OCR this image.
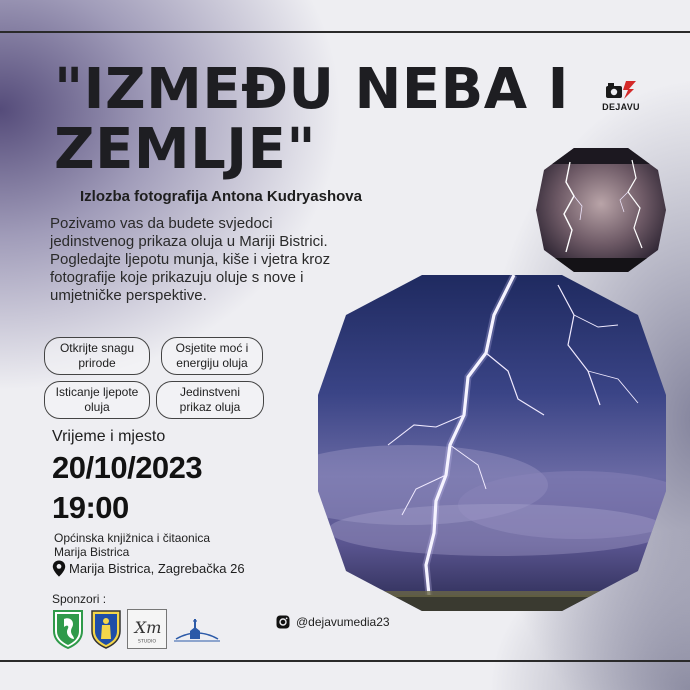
"IZMEĐU NEBA I
ZEMLJE"
DEJAVU
Izlozba fotografija Antona Kudryashova

Pozivamo vas da budete svjedoci
jedinstvenog prikaza oluja u Mariji Bistrici.
Pogledajte ljepotu munja, kiše i vjetra kroz
fotografije koje prikazuju oluje s nove i
umjetničke perspektive.

Otkrijte snagu prirode
Osjetite moć i energiju oluja
Isticanje ljepote oluja
Jedinstveni prikaz oluja
Vrijeme i mjesto
20/10/2023
19:00
Općinska knjižnica i čitaonica
Marija Bistrica
Marija Bistrica, Zagrebačka 26
Sponzori :
Xm
STUDIO
@dejavumedia23
